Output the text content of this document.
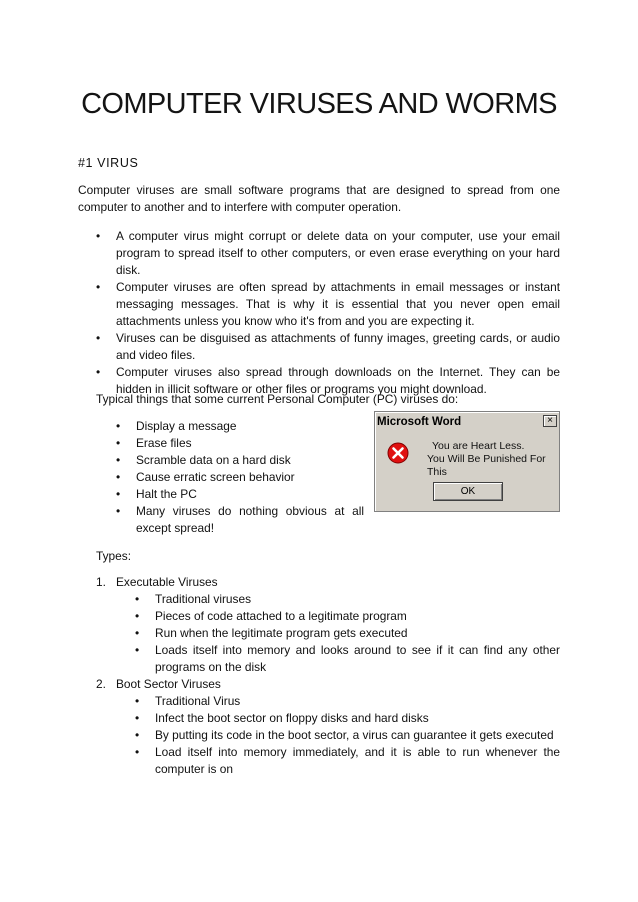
COMPUTER VIRUSES AND WORMS
#1 VIRUS
Computer viruses are small software programs that are designed to spread from one computer to another and to interfere with computer operation.
• A computer virus might corrupt or delete data on your computer, use your email program to spread itself to other computers, or even erase everything on your hard disk.
• Computer viruses are often spread by attachments in email messages or instant messaging messages. That is why it is essential that you never open email attachments unless you know who it's from and you are expecting it.
• Viruses can be disguised as attachments of funny images, greeting cards, or audio and video files.
• Computer viruses also spread through downloads on the Internet. They can be hidden in illicit software or other files or programs you might download.
Typical things that some current Personal Computer (PC) viruses do:
• Display a message
• Erase files
• Scramble data on a hard disk
• Cause erratic screen behavior
• Halt the PC
• Many viruses do nothing obvious at all except spread!
Microsoft Word	×
You are Heart Less.
You Will Be Punished For This
OK
Types:
1. Executable Viruses
• Traditional viruses
• Pieces of code attached to a legitimate program
• Run when the legitimate program gets executed
• Loads itself into memory and looks around to see if it can find any other programs on the disk
2. Boot Sector Viruses
• Traditional Virus
• Infect the boot sector on floppy disks and hard disks
• By putting its code in the boot sector, a virus can guarantee it gets executed
• Load itself into memory immediately, and it is able to run whenever the computer is on
